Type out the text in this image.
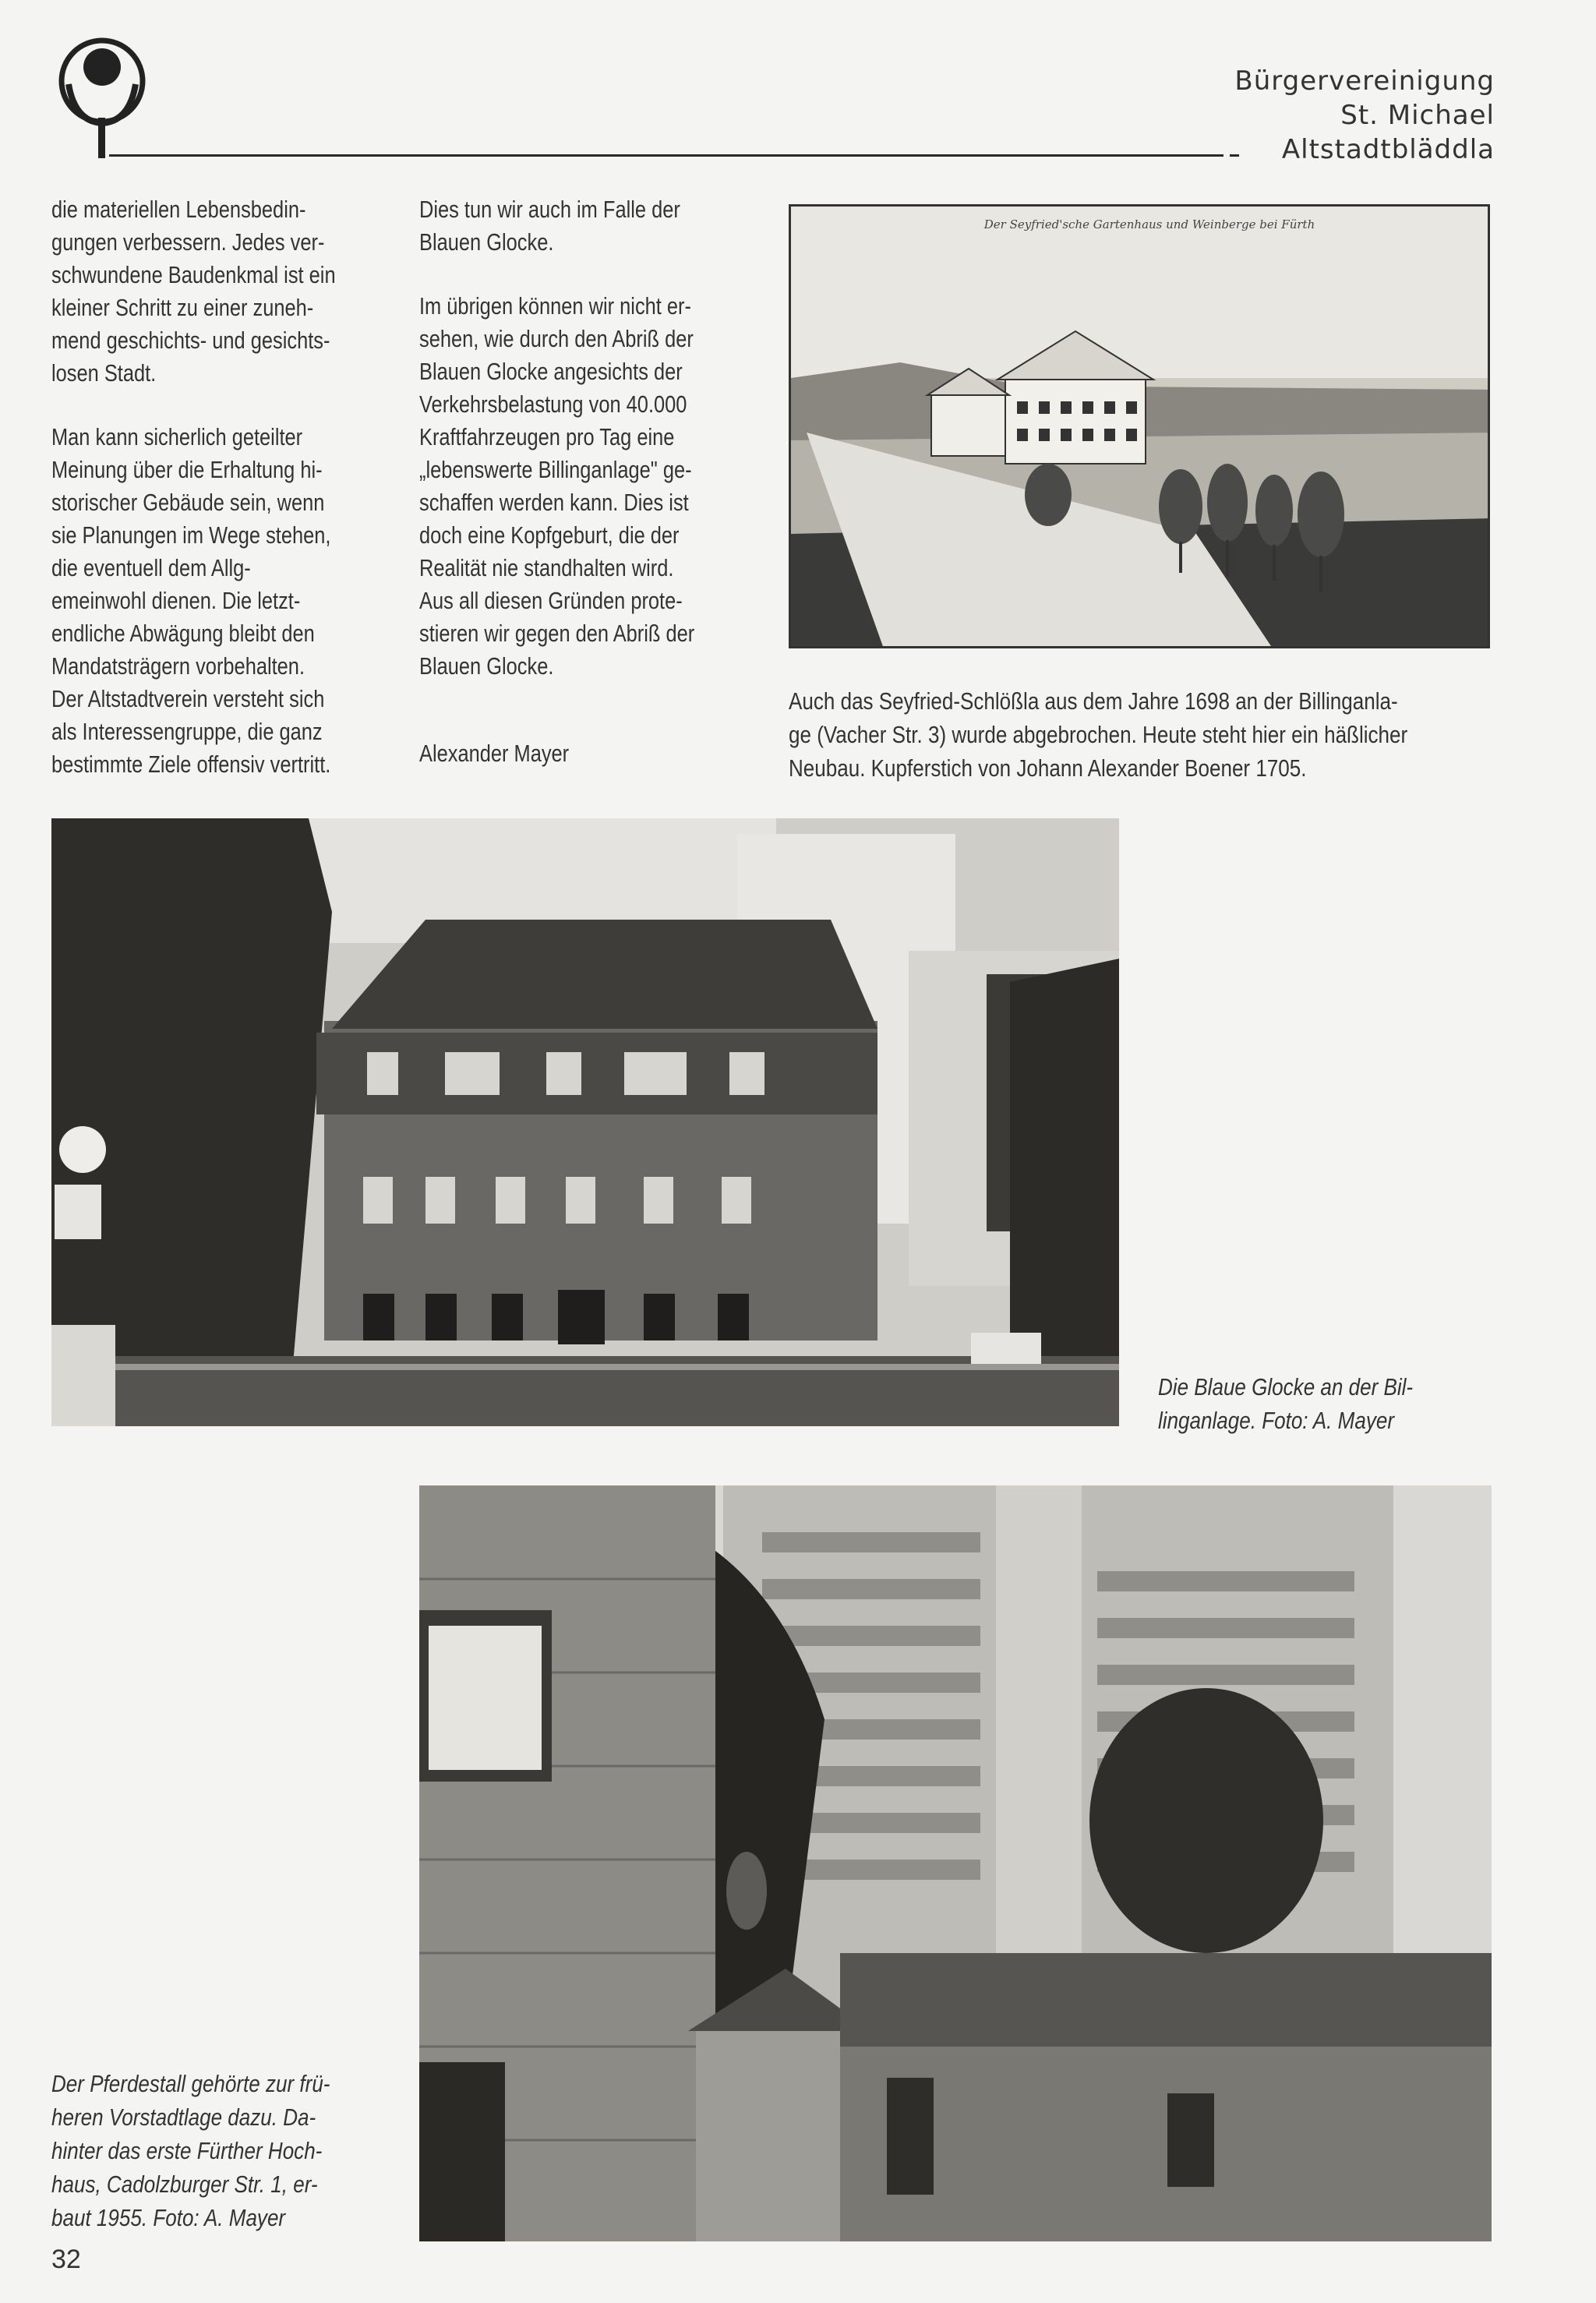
Bürgervereinigung
St. Michael
Altstadtbläddla

die materiellen Lebensbedin-
gungen verbessern. Jedes ver-
schwundene Baudenkmal ist ein
kleiner Schritt zu einer zuneh-
mend geschichts- und gesichts-
losen Stadt.

Man kann sicherlich geteilter
Meinung über die Erhaltung hi-
storischer Gebäude sein, wenn
sie Planungen im Wege stehen,
die eventuell dem Allg-
emeinwohl dienen. Die letzt-
endliche Abwägung bleibt den
Mandatsträgern vorbehalten.
Der Altstadtverein versteht sich
als Interessengruppe, die ganz
bestimmte Ziele offensiv vertritt.

Dies tun wir auch im Falle der
Blauen Glocke.

Im übrigen können wir nicht er-
sehen, wie durch den Abriß der
Blauen Glocke angesichts der
Verkehrsbelastung von 40.000
Kraftfahrzeugen pro Tag eine
„lebenswerte Billinganlage" ge-
schaffen werden kann. Dies ist
doch eine Kopfgeburt, die der
Realität nie standhalten wird.
Aus all diesen Gründen prote-
stieren wir gegen den Abriß der
Blauen Glocke.

Alexander Mayer

Der Seyfried'sche Gartenhaus und Weinberge bei Fürth
Auch das Seyfried-Schlößla aus dem Jahre 1698 an der Billinganla-
ge (Vacher Str. 3) wurde abgebrochen. Heute steht hier ein häßlicher
Neubau. Kupferstich von Johann Alexander Boener 1705.
Die Blaue Glocke an der Bil-
linganlage. Foto: A. Mayer
Der Pferdestall gehörte zur frü-
heren Vorstadtlage dazu. Da-
hinter das erste Fürther Hoch-
haus, Cadolzburger Str. 1, er-
baut 1955. Foto: A. Mayer
32
